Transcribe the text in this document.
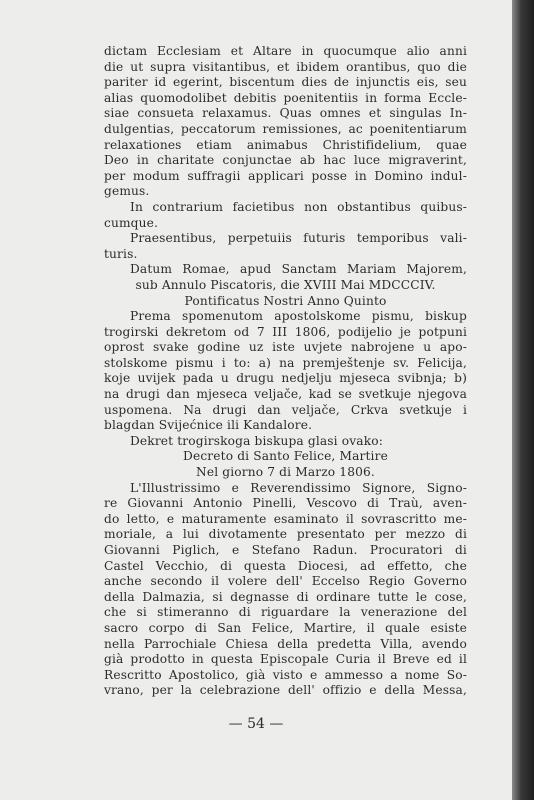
dictam Ecclesiam et Altare in quocumque alio anni
die ut supra visitantibus, et ibidem orantibus, quo die
pariter id egerint, biscentum dies de injunctis eis, seu
alias quomodolibet debitis poenitentiis in forma Eccle-
siae consueta relaxamus. Quas omnes et singulas In-
dulgentias, peccatorum remissiones, ac poenitentiarum
relaxationes etiam animabus Christifidelium, quae
Deo in charitate conjunctae ab hac luce migraverint,
per modum suffragii applicari posse in Domino indul-
gemus.
In contrarium facietibus non obstantibus quibus-
cumque.
Praesentibus, perpetuiis futuris temporibus vali-
turis.
Datum Romae, apud Sanctam Mariam Majorem,
sub Annulo Piscatoris, die XVIII Mai MDCCCIV.
Pontificatus Nostri Anno Quinto
Prema spomenutom apostolskome pismu, biskup
trogirski dekretom od 7 III 1806, podijelio je potpuni
oprost svake godine uz iste uvjete nabrojene u apo-
stolskome pismu i to: a) na premještenje sv. Felicija,
koje uvijek pada u drugu nedjelju mjeseca svibnja; b)
na drugi dan mjeseca veljače, kad se svetkuje njegova
uspomena. Na drugi dan veljače, Crkva svetkuje i
blagdan Svijećnice ili Kandalore.
Dekret trogirskoga biskupa glasi ovako:
Decreto di Santo Felice, Martire
Nel giorno 7 di Marzo 1806.
L'Illustrissimo e Reverendissimo Signore, Signo-
re Giovanni Antonio Pinelli, Vescovo di Traù, aven-
do letto, e maturamente esaminato il sovrascritto me-
moriale, a lui divotamente presentato per mezzo di
Giovanni Piglich, e Stefano Radun. Procuratori di
Castel Vecchio, di questa Diocesi, ad effetto, che
anche secondo il volere dell' Eccelso Regio Governo
della Dalmazia, si degnasse di ordinare tutte le cose,
che si stimeranno di riguardare la venerazione del
sacro corpo di San Felice, Martire, il quale esiste
nella Parrochiale Chiesa della predetta Villa, avendo
già prodotto in questa Episcopale Curia il Breve ed il
Rescritto Apostolico, già visto e ammesso a nome So-
vrano, per la celebrazione dell' offizio e della Messa,
— 54 —
